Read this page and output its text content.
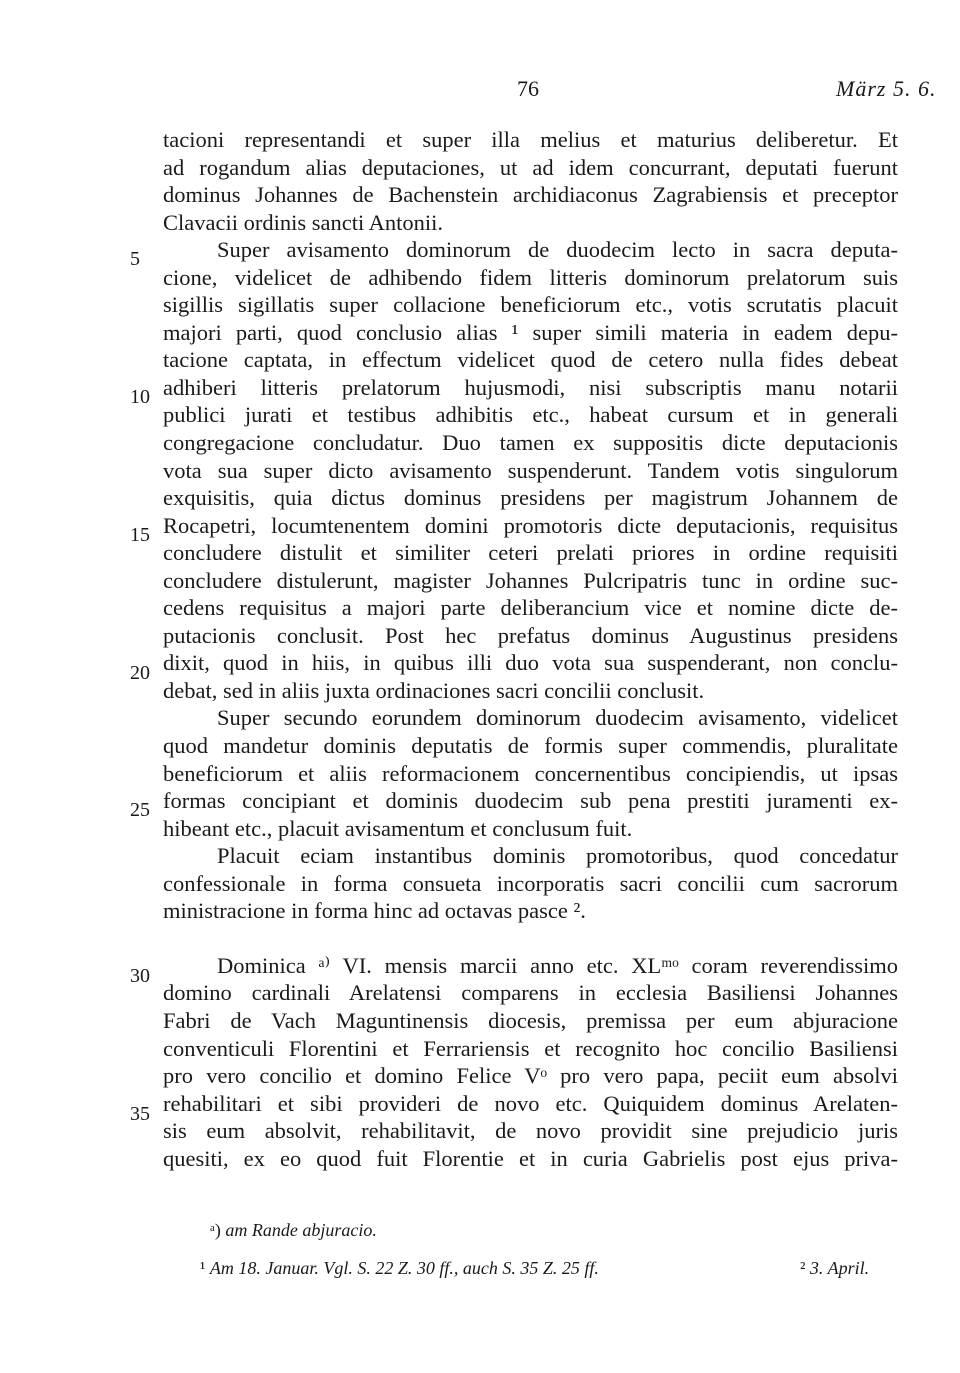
76	März 5. 6.
5
10
15
20
25
30
35
tacioni representandi et super illa melius et maturius deliberetur. Et
ad rogandum alias deputaciones, ut ad idem concurrant, deputati fuerunt
dominus Johannes de Bachenstein archidiaconus Zagrabiensis et preceptor
Clavacii ordinis sancti Antonii.
Super avisamento dominorum de duodecim lecto in sacra deputa-
cione, videlicet de adhibendo fidem litteris dominorum prelatorum suis
sigillis sigillatis super collacione beneficiorum etc., votis scrutatis placuit
majori parti, quod conclusio alias ¹ super simili materia in eadem depu-
tacione captata, in effectum videlicet quod de cetero nulla fides debeat
adhiberi litteris prelatorum hujusmodi, nisi subscriptis manu notarii
publici jurati et testibus adhibitis etc., habeat cursum et in generali
congregacione concludatur. Duo tamen ex suppositis dicte deputacionis
vota sua super dicto avisamento suspenderunt. Tandem votis singulorum
exquisitis, quia dictus dominus presidens per magistrum Johannem de
Rocapetri, locumtenentem domini promotoris dicte deputacionis, requisitus
concludere distulit et similiter ceteri prelati priores in ordine requisiti
concludere distulerunt, magister Johannes Pulcripatris tunc in ordine suc-
cedens requisitus a majori parte deliberancium vice et nomine dicte de-
putacionis conclusit. Post hec prefatus dominus Augustinus presidens
dixit, quod in hiis, in quibus illi duo vota sua suspenderant, non conclu-
debat, sed in aliis juxta ordinaciones sacri concilii conclusit.
Super secundo eorundem dominorum duodecim avisamento, videlicet
quod mandetur dominis deputatis de formis super commendis, pluralitate
beneficiorum et aliis reformacionem concernentibus concipiendis, ut ipsas
formas concipiant et dominis duodecim sub pena prestiti juramenti ex-
hibeant etc., placuit avisamentum et conclusum fuit.
Placuit eciam instantibus dominis promotoribus, quod concedatur
confessionale in forma consueta incorporatis sacri concilii cum sacrorum
ministracione in forma hinc ad octavas pasce ².
Dominica ᵃ⁾ VI. mensis marcii anno etc. XLᵐᵒ coram reverendissimo
domino cardinali Arelatensi comparens in ecclesia Basiliensi Johannes
Fabri de Vach Maguntinensis diocesis, premissa per eum abjuracione
conventiculi Florentini et Ferrariensis et recognito hoc concilio Basiliensi
pro vero concilio et domino Felice Vᵒ pro vero papa, peciit eum absolvi
rehabilitari et sibi provideri de novo etc. Quiquidem dominus Arelaten-
sis eum absolvit, rehabilitavit, de novo providit sine prejudicio juris
quesiti, ex eo quod fuit Florentie et in curia Gabrielis post ejus priva-
ᵃ) am Rande abjuracio.
¹ Am 18. Januar. Vgl. S. 22 Z. 30 ff., auch S. 35 Z. 25 ff.	² 3. April.
